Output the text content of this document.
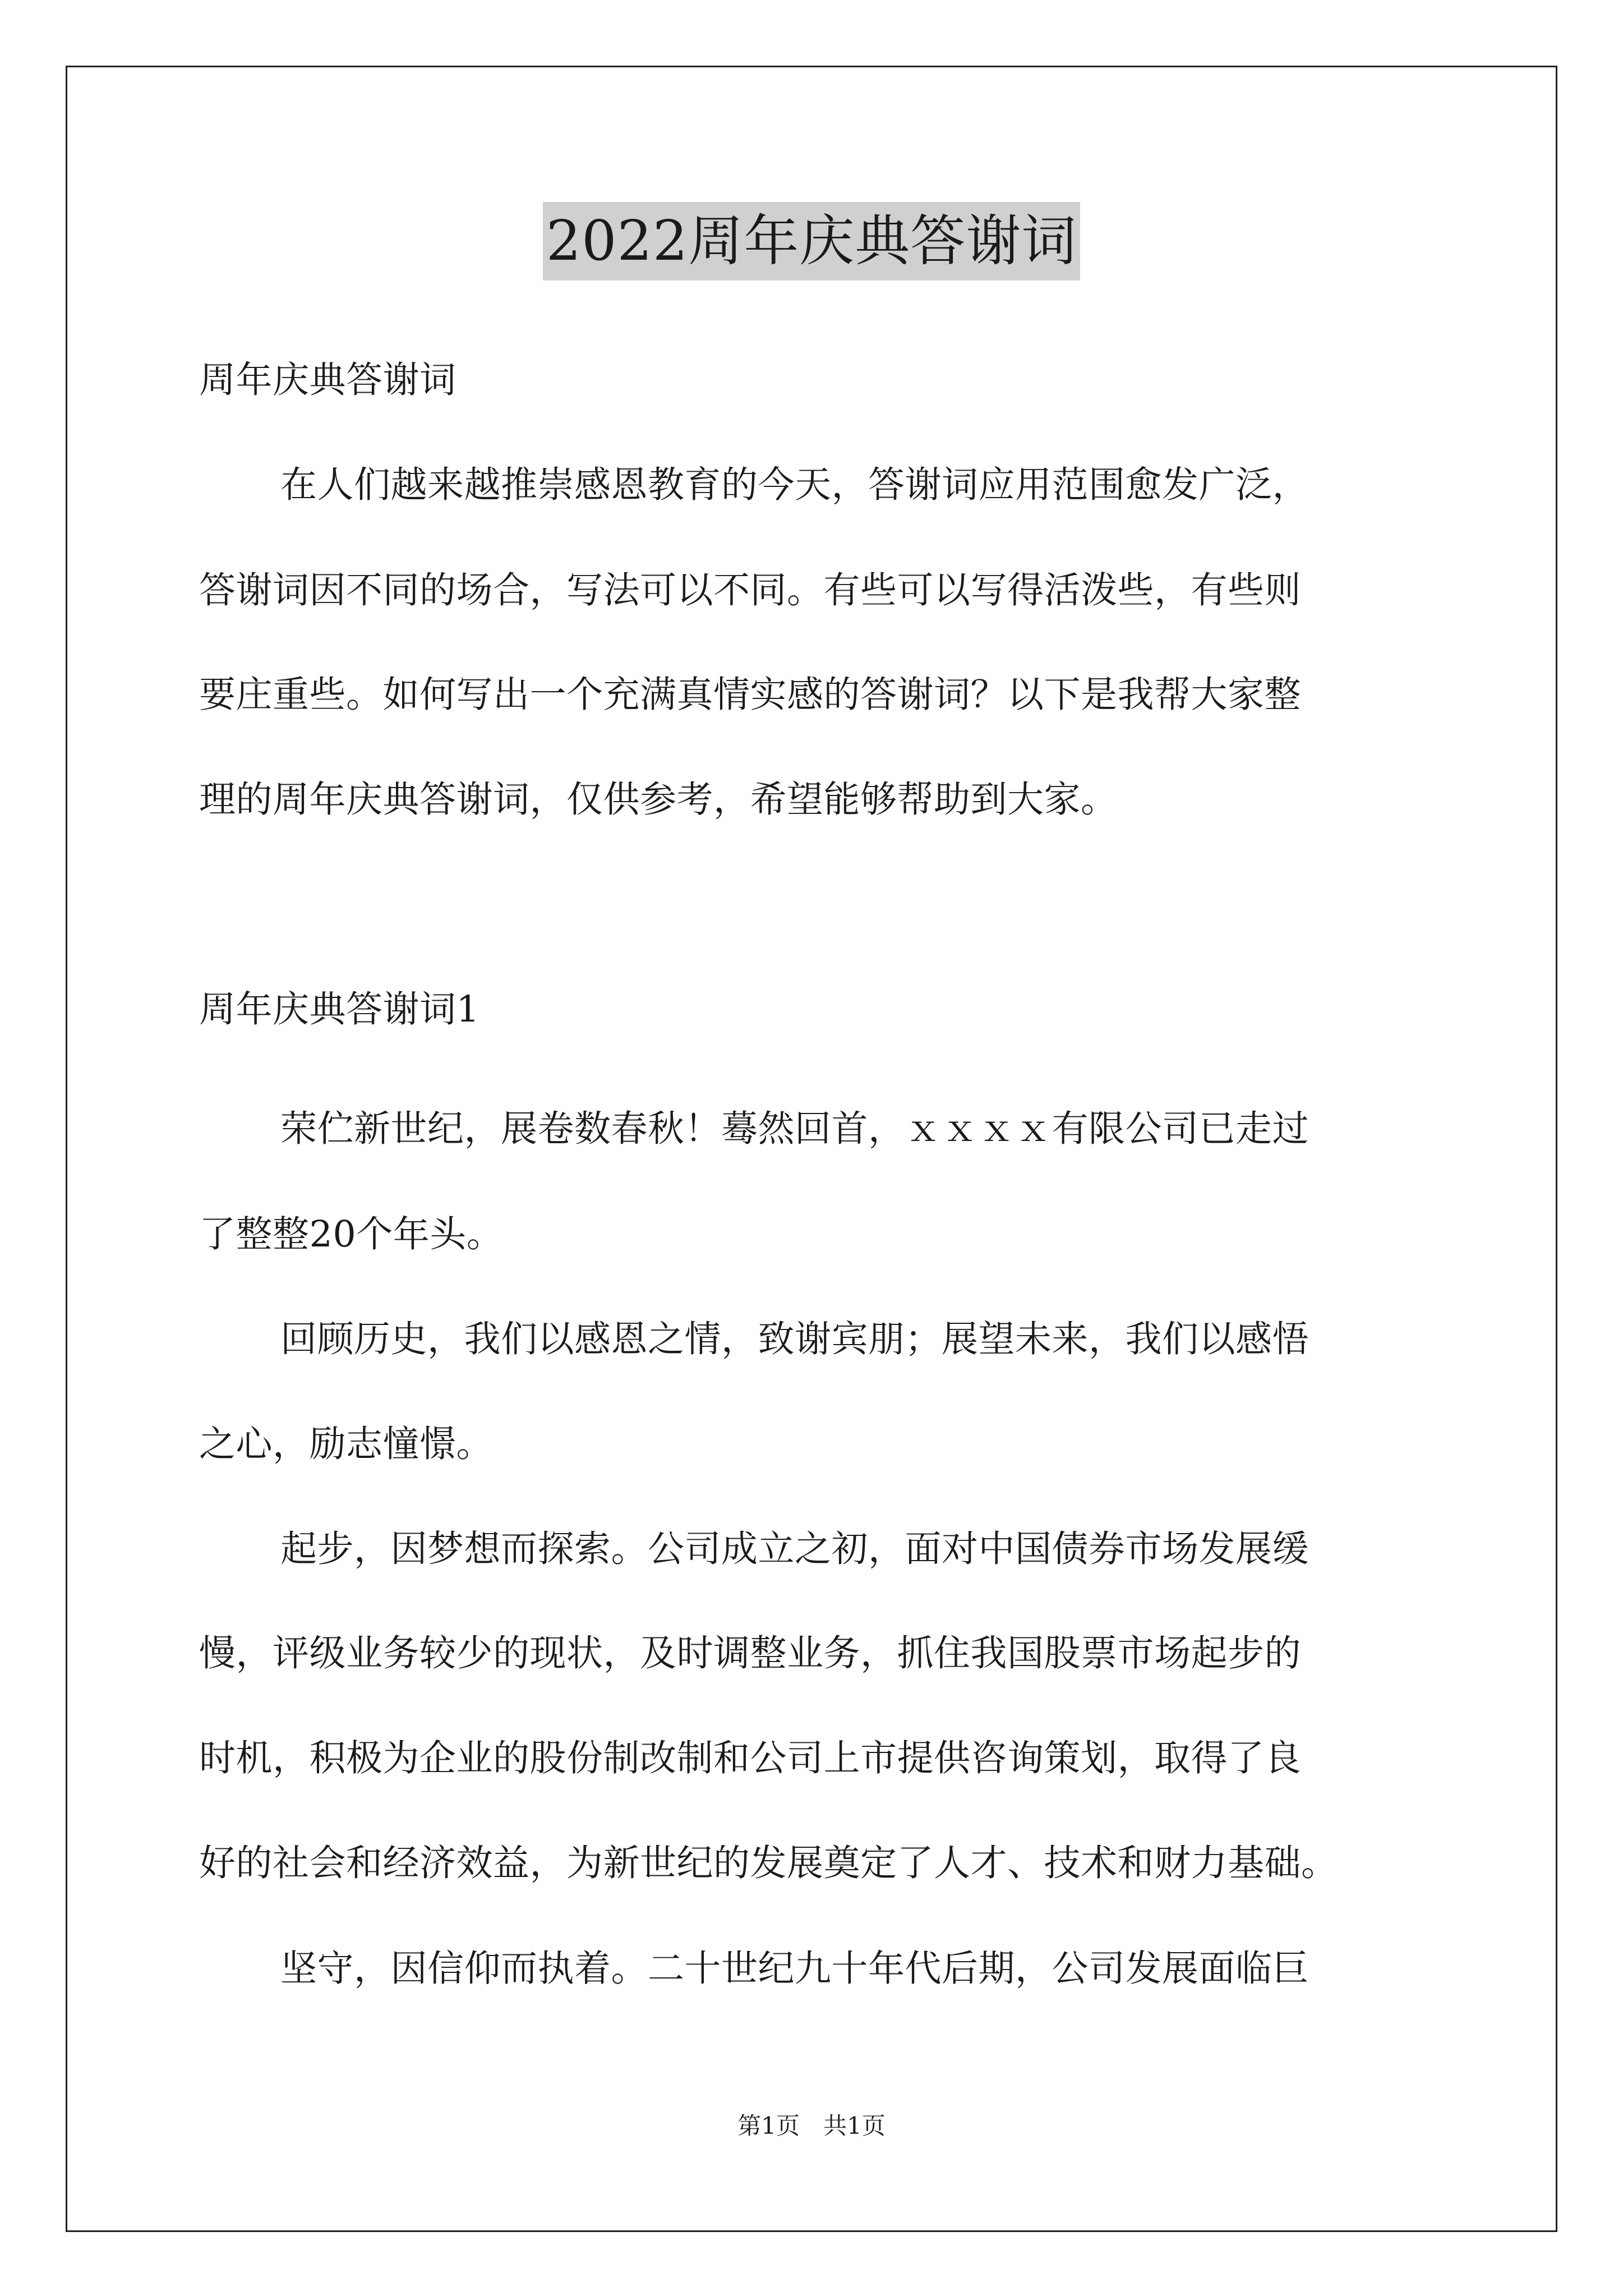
2022周年庆典答谢词
周年庆典答谢词
在人们越来越推崇感恩教育的今天，答谢词应用范围愈发广泛，
答谢词因不同的场合，写法可以不同。有些可以写得活泼些，有些则
要庄重些。如何写出一个充满真情实感的答谢词？以下是我帮大家整
理的周年庆典答谢词，仅供参考，希望能够帮助到大家。
周年庆典答谢词1
荣伫新世纪，展卷数春秋！蓦然回首，ｘｘｘｘ有限公司已走过
了整整20个年头。
回顾历史，我们以感恩之情，致谢宾朋；展望未来，我们以感悟
之心，励志憧憬。
起步，因梦想而探索。公司成立之初，面对中国债券市场发展缓
慢，评级业务较少的现状，及时调整业务，抓住我国股票市场起步的
时机，积极为企业的股份制改制和公司上市提供咨询策划，取得了良
好的社会和经济效益，为新世纪的发展奠定了人才、技术和财力基础。
坚守，因信仰而执着。二十世纪九十年代后期，公司发展面临巨
第1页　共1页
